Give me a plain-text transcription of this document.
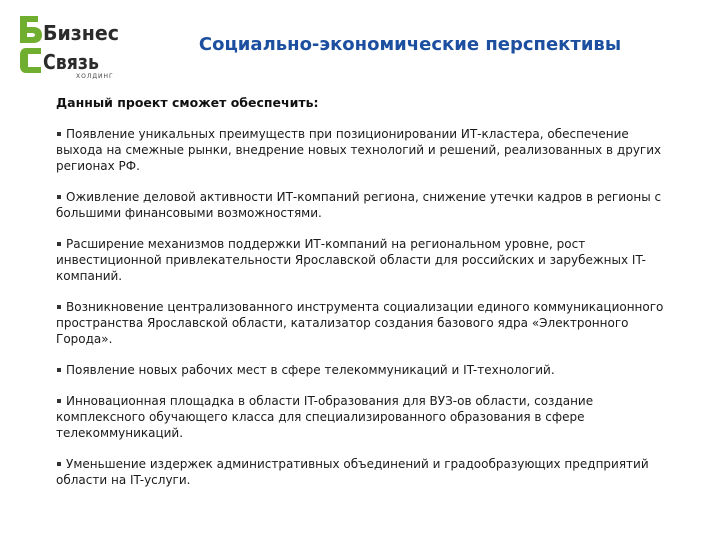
Бизнес
Связь
ХОЛДИНГ
Социально-экономические перспективы
Данный проект сможет обеспечить:
Появление уникальных преимуществ при позиционировании ИТ-кластера, обеспечение выхода на смежные рынки, внедрение новых технологий и решений, реализованных в других регионах РФ.
Оживление деловой активности ИТ-компаний региона, снижение утечки кадров в регионы с большими финансовыми возможностями.
Расширение механизмов поддержки ИТ-компаний на региональном уровне, рост инвестиционной привлекательности Ярославской области для российских и зарубежных IT-компаний.
Возникновение централизованного инструмента социализации единого коммуникационного пространства Ярославской области, катализатор создания базового ядра «Электронного Города».
Появление новых рабочих мест в сфере телекоммуникаций и IT-технологий.
Инновационная площадка в области IT-образования для ВУЗ-ов области, создание комплексного обучающего класса для специализированного образования в сфере телекоммуникаций.
Уменьшение издержек административных объединений и градообразующих предприятий области на IT-услуги.
